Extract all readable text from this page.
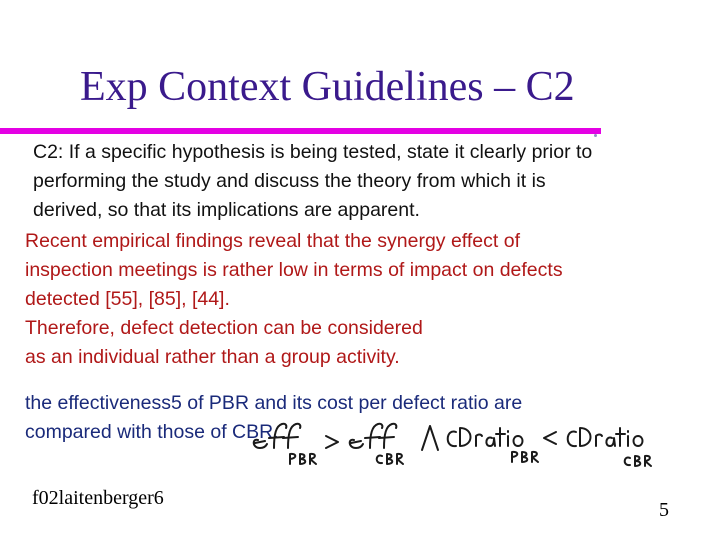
Exp Context Guidelines – C2
C2: If a specific hypothesis is being tested, state it clearly prior to
performing the study and discuss the theory from which it is
derived, so that its implications are apparent.
Recent empirical findings reveal that the synergy effect of
inspection meetings is rather low in terms of impact on defects
detected [55], [85], [44].
Therefore, defect detection can be considered
as an individual rather than a group activity.
the effectiveness5 of PBR and its cost per defect ratio are
compared with those of CBR.
f02laitenberger6
5
